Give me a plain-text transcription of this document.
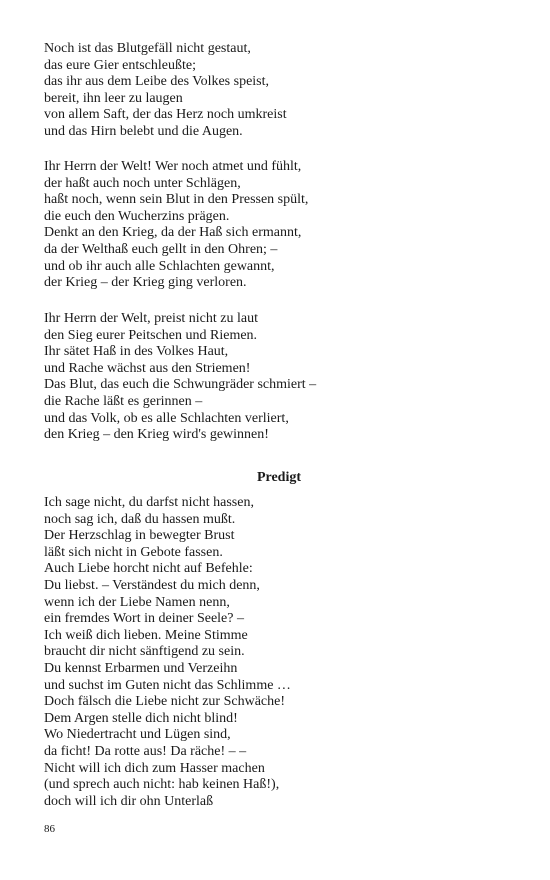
Noch ist das Blutgefäll nicht gestaut,
das eure Gier entschleußte;
das ihr aus dem Leibe des Volkes speist,
bereit, ihn leer zu laugen
von allem Saft, der das Herz noch umkreist
und das Hirn belebt und die Augen.
Ihr Herrn der Welt! Wer noch atmet und fühlt,
der haßt auch noch unter Schlägen,
haßt noch, wenn sein Blut in den Pressen spült,
die euch den Wucherzins prägen.
Denkt an den Krieg, da der Haß sich ermannt,
da der Welthaß euch gellt in den Ohren; –
und ob ihr auch alle Schlachten gewannt,
der Krieg – der Krieg ging verloren.
Ihr Herrn der Welt, preist nicht zu laut
den Sieg eurer Peitschen und Riemen.
Ihr sätet Haß in des Volkes Haut,
und Rache wächst aus den Striemen!
Das Blut, das euch die Schwungräder schmiert –
die Rache läßt es gerinnen –
und das Volk, ob es alle Schlachten verliert,
den Krieg – den Krieg wird's gewinnen!
Predigt
Ich sage nicht, du darfst nicht hassen,
noch sag ich, daß du hassen mußt.
Der Herzschlag in bewegter Brust
läßt sich nicht in Gebote fassen.
Auch Liebe horcht nicht auf Befehle:
Du liebst. – Verständest du mich denn,
wenn ich der Liebe Namen nenn,
ein fremdes Wort in deiner Seele? –
Ich weiß dich lieben. Meine Stimme
braucht dir nicht sänftigend zu sein.
Du kennst Erbarmen und Verzeihn
und suchst im Guten nicht das Schlimme …
Doch fälsch die Liebe nicht zur Schwäche!
Dem Argen stelle dich nicht blind!
Wo Niedertracht und Lügen sind,
da ficht! Da rotte aus! Da räche! – –
Nicht will ich dich zum Hasser machen
(und sprech auch nicht: hab keinen Haß!),
doch will ich dir ohn Unterlaß
86
